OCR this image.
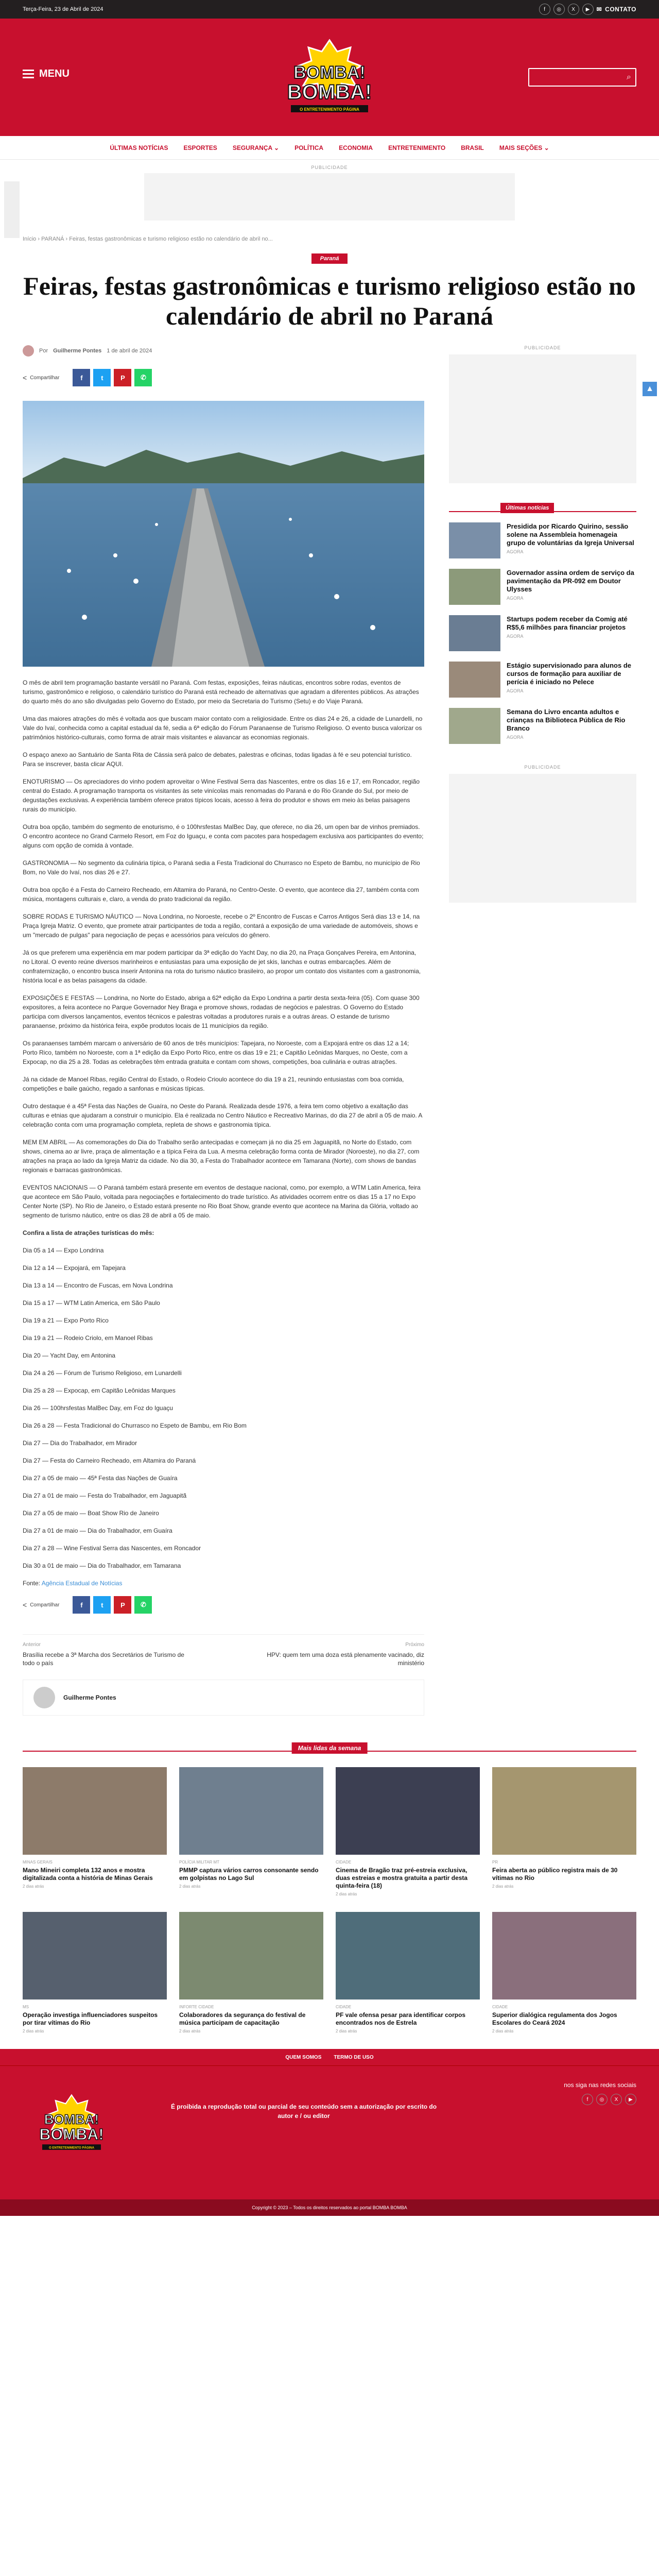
Terça-Feira, 23 de Abril de 2024	f	◎	X	▶	✉ CONTATO
MENU	BOMBA!
BOMBA!
O ENTRETENIMENTO PÁGINA
⌕
ÚLTIMAS NOTÍCIAS	ESPORTES	SEGURANÇA ⌄	POLÍTICA	ECONOMIA	ENTRETENIMENTO	BRASIL	MAIS SEÇÕES ⌄
PUBLICIDADE
Início › PARANÁ › Feiras, festas gastronômicas e turismo religioso estão no calendário de abril no...
Paraná
Feiras, festas gastronômicas e turismo religioso estão no calendário de abril no Paraná
Por Guilherme Pontes 1 de abril de 2024
< Compartilhar	f	t	P	✆

O mês de abril tem programação bastante versátil no Paraná. Com festas, exposições, feiras náuticas, encontros sobre rodas, eventos de turismo, gastronômico e religioso, o calendário turístico do Paraná está recheado de alternativas que agradam a diferentes públicos. As atrações do quarto mês do ano são divulgadas pelo Governo do Estado, por meio da Secretaria do Turismo (Setu) e do Viaje Paraná.

Uma das maiores atrações do mês é voltada aos que buscam maior contato com a religiosidade. Entre os dias 24 e 26, a cidade de Lunardelli, no Vale do Ivaí, conhecida como a capital estadual da fé, sedia a 6ª edição do Fórum Paranaense de Turismo Religioso. O evento busca valorizar os patrimônios histórico-culturais, como forma de atrair mais visitantes e alavancar as economias regionais.

O espaço anexo ao Santuário de Santa Rita de Cássia será palco de debates, palestras e oficinas, todas ligadas à fé e seu potencial turístico. Para se inscrever, basta clicar AQUI.

ENOTURISMO — Os apreciadores do vinho podem aproveitar o Wine Festival Serra das Nascentes, entre os dias 16 e 17, em Roncador, região central do Estado. A programação transporta os visitantes às sete vinícolas mais renomadas do Paraná e do Rio Grande do Sul, por meio de degustações exclusivas. A experiência também oferece pratos típicos locais, acesso à feira do produtor e shows em meio às belas paisagens rurais do município.

Outra boa opção, também do segmento de enoturismo, é o 100hrsfestas MalBec Day, que oferece, no dia 26, um open bar de vinhos premiados. O encontro acontece no Grand Carmelo Resort, em Foz do Iguaçu, e conta com pacotes para hospedagem exclusiva aos participantes do evento; alguns com opção de comida à vontade.

GASTRONOMIA — No segmento da culinária típica, o Paraná sedia a Festa Tradicional do Churrasco no Espeto de Bambu, no município de Rio Bom, no Vale do Ivaí, nos dias 26 e 27.

Outra boa opção é a Festa do Carneiro Recheado, em Altamira do Paraná, no Centro-Oeste. O evento, que acontece dia 27, também conta com música, montagens culturais e, claro, a venda do prato tradicional da região.

SOBRE RODAS E TURISMO NÁUTICO — Nova Londrina, no Noroeste, recebe o 2º Encontro de Fuscas e Carros Antigos Será dias 13 e 14, na Praça Igreja Matriz. O evento, que promete atrair participantes de toda a região, contará a exposição de uma variedade de automóveis, shows e um "mercado de pulgas" para negociação de peças e acessórios para veículos do gênero.

Já os que preferem uma experiência em mar podem participar da 3ª edição do Yacht Day, no dia 20, na Praça Gonçalves Pereira, em Antonina, no Litoral. O evento reúne diversos marinheiros e entusiastas para uma exposição de jet skis, lanchas e outras embarcações. Além de confraternização, o encontro busca inserir Antonina na rota do turismo náutico brasileiro, ao propor um contato dos visitantes com a gastronomia, história local e as belas paisagens da cidade.

EXPOSIÇÕES E FESTAS — Londrina, no Norte do Estado, abriga a 62ª edição da Expo Londrina a partir desta sexta-feira (05). Com quase 300 expositores, a feira acontece no Parque Governador Ney Braga e promove shows, rodadas de negócios e palestras. O Governo do Estado participa com diversos lançamentos, eventos técnicos e palestras voltadas a produtores rurais e a outras áreas. O estande de turismo paranaense, próximo da histórica feira, expõe produtos locais de 11 municípios da região.

Os paranaenses também marcam o aniversário de 60 anos de três municípios: Tapejara, no Noroeste, com a Expojará entre os dias 12 a 14; Porto Rico, também no Noroeste, com a 1ª edição da Expo Porto Rico, entre os dias 19 e 21; e Capitão Leônidas Marques, no Oeste, com a Expocap, no dia 25 a 28. Todas as celebrações têm entrada gratuita e contam com shows, competições, boa culinária e outras atrações.

Já na cidade de Manoel Ribas, região Central do Estado, o Rodeio Crioulo acontece do dia 19 a 21, reunindo entusiastas com boa comida, competições e baile gaúcho, regado a sanfonas e músicas típicas.

Outro destaque é a 45ª Festa das Nações de Guaíra, no Oeste do Paraná. Realizada desde 1976, a feira tem como objetivo a exaltação das culturas e etnias que ajudaram a construir o município. Ela é realizada no Centro Náutico e Recreativo Marinas, do dia 27 de abril a 05 de maio. A celebração conta com uma programação completa, repleta de shows e gastronomia típica.

MEM EM ABRIL — As comemorações do Dia do Trabalho serão antecipadas e começam já no dia 25 em Jaguapitã, no Norte do Estado, com shows, cinema ao ar livre, praça de alimentação e a típica Feira da Lua. A mesma celebração forma conta de Mirador (Noroeste), no dia 27, com atrações na praça ao lado da Igreja Matriz da cidade. No dia 30, a Festa do Trabalhador acontece em Tamarana (Norte), com shows de bandas regionais e barracas gastronômicas.

EVENTOS NACIONAIS — O Paraná também estará presente em eventos de destaque nacional, como, por exemplo, a WTM Latin America, feira que acontece em São Paulo, voltada para negociações e fortalecimento do trade turístico. As atividades ocorrem entre os dias 15 a 17 no Expo Center Norte (SP). No Rio de Janeiro, o Estado estará presente no Rio Boat Show, grande evento que acontece na Marina da Glória, voltado ao segmento de turismo náutico, entre os dias 28 de abril a 05 de maio.

Confira a lista de atrações turísticas do mês:

Dia 05 a 14 — Expo Londrina

Dia 12 a 14 — Expojará, em Tapejara

Dia 13 a 14 — Encontro de Fuscas, em Nova Londrina

Dia 15 a 17 — WTM Latin America, em São Paulo

Dia 19 a 21 — Expo Porto Rico

Dia 19 a 21 — Rodeio Criolo, em Manoel Ribas

Dia 20 — Yacht Day, em Antonina

Dia 24 a 26 — Fórum de Turismo Religioso, em Lunardelli

Dia 25 a 28 — Expocap, em Capitão Leônidas Marques

Dia 26 — 100hrsfestas MalBec Day, em Foz do Iguaçu

Dia 26 a 28 — Festa Tradicional do Churrasco no Espeto de Bambu, em Rio Bom

Dia 27 — Dia do Trabalhador, em Mirador

Dia 27 — Festa do Carneiro Recheado, em Altamira do Paraná

Dia 27 a 05 de maio — 45ª Festa das Nações de Guaíra

Dia 27 a 01 de maio — Festa do Trabalhador, em Jaguapitã

Dia 27 a 05 de maio — Boat Show Rio de Janeiro

Dia 27 a 01 de maio — Dia do Trabalhador, em Guaíra

Dia 27 a 28 — Wine Festival Serra das Nascentes, em Roncador

Dia 30 a 01 de maio — Dia do Trabalhador, em Tamarana

Fonte: Agência Estadual de Notícias

< Compartilhar	f	t	P	✆
Anterior
Brasília recebe a 3ª Marcha dos Secretários de Turismo de todo o país
Próximo
HPV: quem tem uma doza está plenamente vacinado, diz ministério
Guilherme Pontes
PUBLICIDADE
Últimas notícias
Presidida por Ricardo Quirino, sessão solene na Assembleia homenageia grupo de voluntárias da Igreja Universal
AGORA
Governador assina ordem de serviço da pavimentação da PR-092 em Doutor Ulysses
AGORA
Startups podem receber da Comig até R$5,6 milhões para financiar projetos
AGORA
Estágio supervisionado para alunos de cursos de formação para auxiliar de perícia é iniciado no Pelece
AGORA
Semana do Livro encanta adultos e crianças na Biblioteca Pública de Rio Branco
AGORA
PUBLICIDADE
Mais lidas da semana
MINAS GERAIS
Mano Mineiri completa 132 anos e mostra digitalizada conta a história de Minas Gerais
2 dias atrás
POLÍCIA MILITAR MT
PMMP captura vários carros consonante sendo em golpistas no Lago Sul
2 dias atrás
CIDADE
Cinema de Bragão traz pré-estreia exclusiva, duas estreias e mostra gratuita a partir desta quinta-feira (18)
2 dias atrás
PR
Feira aberta ao público registra mais de 30 vítimas no Rio
2 dias atrás
MS
Operação investiga influenciadores suspeitos por tirar vítimas do Rio
2 dias atrás
INFORTE CIDADE
Colaboradores da segurança do festival de música participam de capacitação
2 dias atrás
CIDADE
PF vale ofensa pesar para identificar corpos encontrados nos de Estrela
2 dias atrás
CIDADE
Superior dialógica regulamenta dos Jogos Escolares do Ceará 2024
2 dias atrás
QUEM SOMOS TERMO DE USO
BOMBA!
BOMBA!
O ENTRETENIMENTO PÁGINA
É proibida a reprodução total ou parcial de seu conteúdo sem a autorização por escrito do autor e / ou editor
nos siga nas redes sociais
f	◎	X	▶
Copyright © 2023 – Todos os direitos reservados ao portal BOMBA BOMBA
▲
